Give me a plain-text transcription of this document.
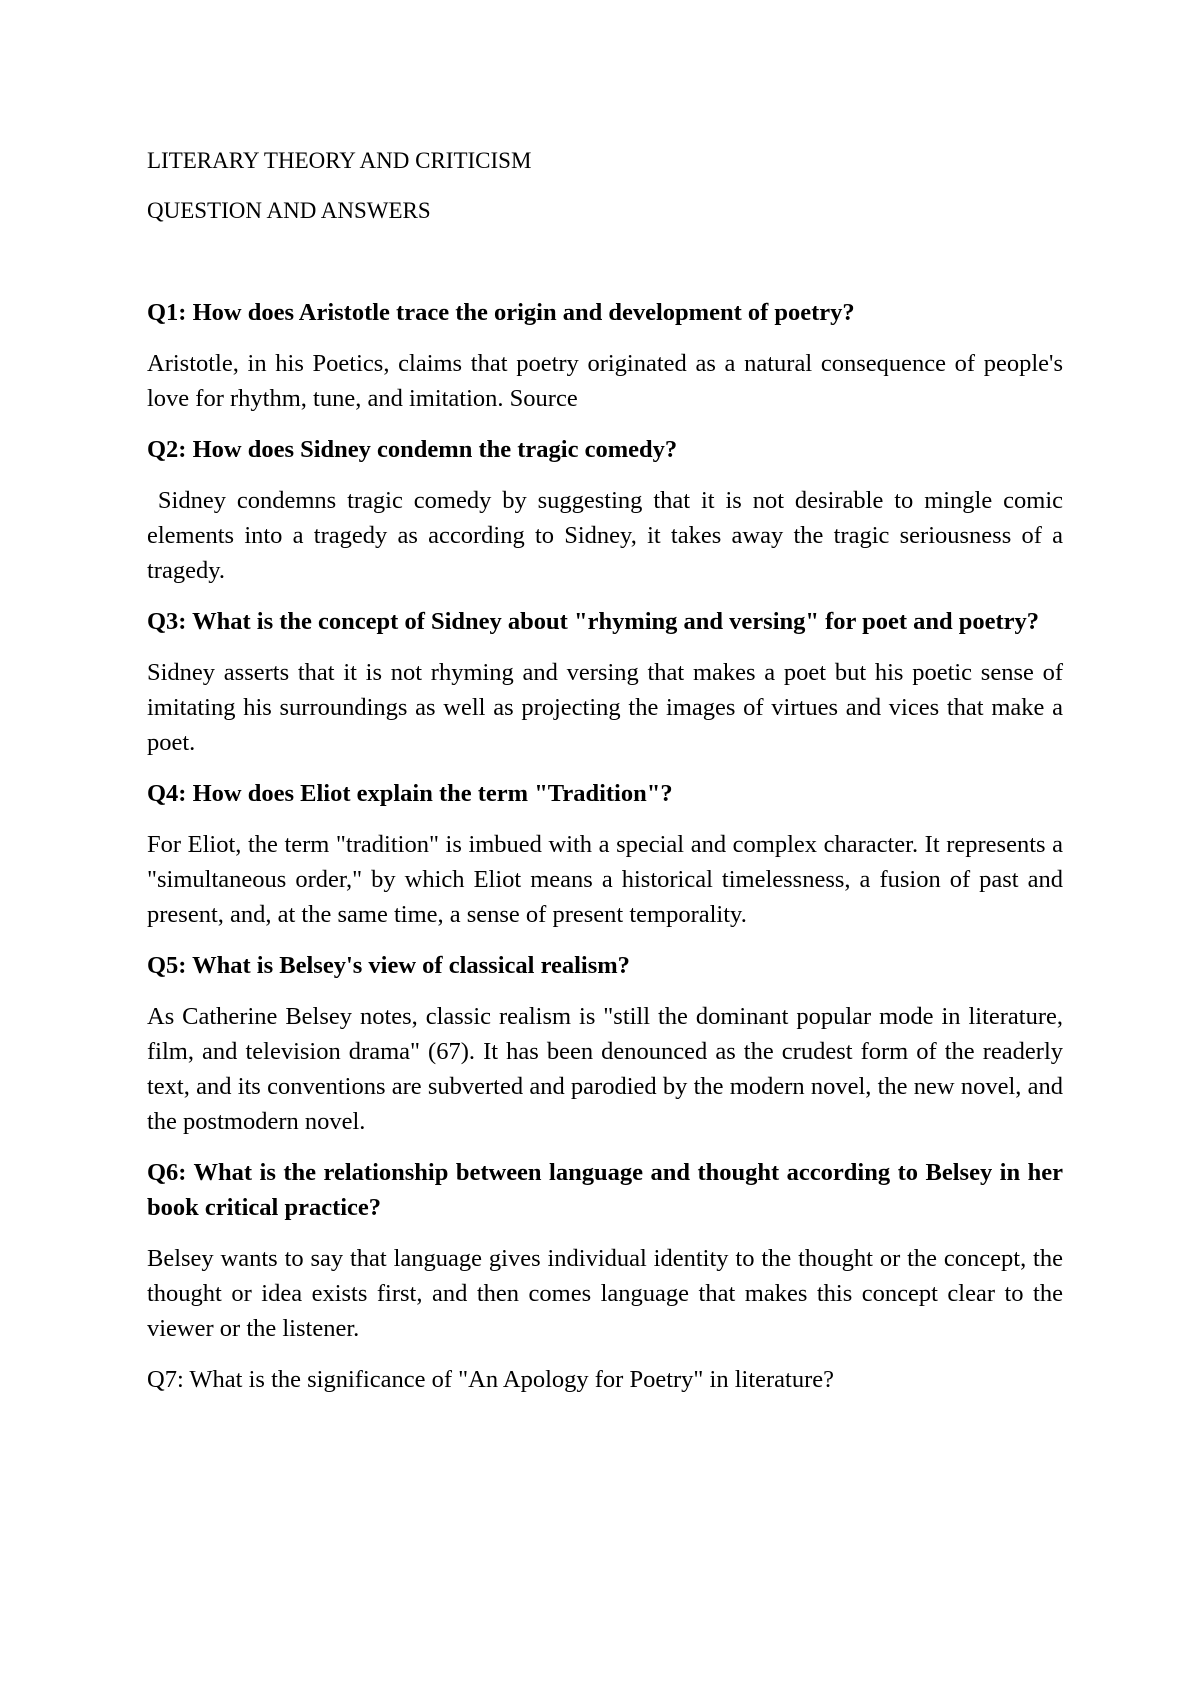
LITERARY THEORY AND CRITICISM

QUESTION AND ANSWERS

Q1: How does Aristotle trace the origin and development of poetry?

Aristotle, in his Poetics, claims that poetry originated as a natural consequence of people's love for rhythm, tune, and imitation. Source

Q2: How does Sidney condemn the tragic comedy?

Sidney condemns tragic comedy by suggesting that it is not desirable to mingle comic elements into a tragedy as according to Sidney, it takes away the tragic seriousness of a tragedy.

Q3: What is the concept of Sidney about "rhyming and versing" for poet and poetry?

Sidney asserts that it is not rhyming and versing that makes a poet but his poetic sense of imitating his surroundings as well as projecting the images of virtues and vices that make a poet.

Q4: How does Eliot explain the term "Tradition"?

For Eliot, the term "tradition" is imbued with a special and complex character. It represents a "simultaneous order," by which Eliot means a historical timelessness, a fusion of past and present, and, at the same time, a sense of present temporality.

Q5: What is Belsey's view of classical realism?

As Catherine Belsey notes, classic realism is "still the dominant popular mode in literature, film, and television drama" (67). It has been denounced as the crudest form of the readerly text, and its conventions are subverted and parodied by the modern novel, the new novel, and the postmodern novel.

Q6: What is the relationship between language and thought according to Belsey in her book critical practice?

Belsey wants to say that language gives individual identity to the thought or the concept, the thought or idea exists first, and then comes language that makes this concept clear to the viewer or the listener.

Q7: What is the significance of "An Apology for Poetry" in literature?
